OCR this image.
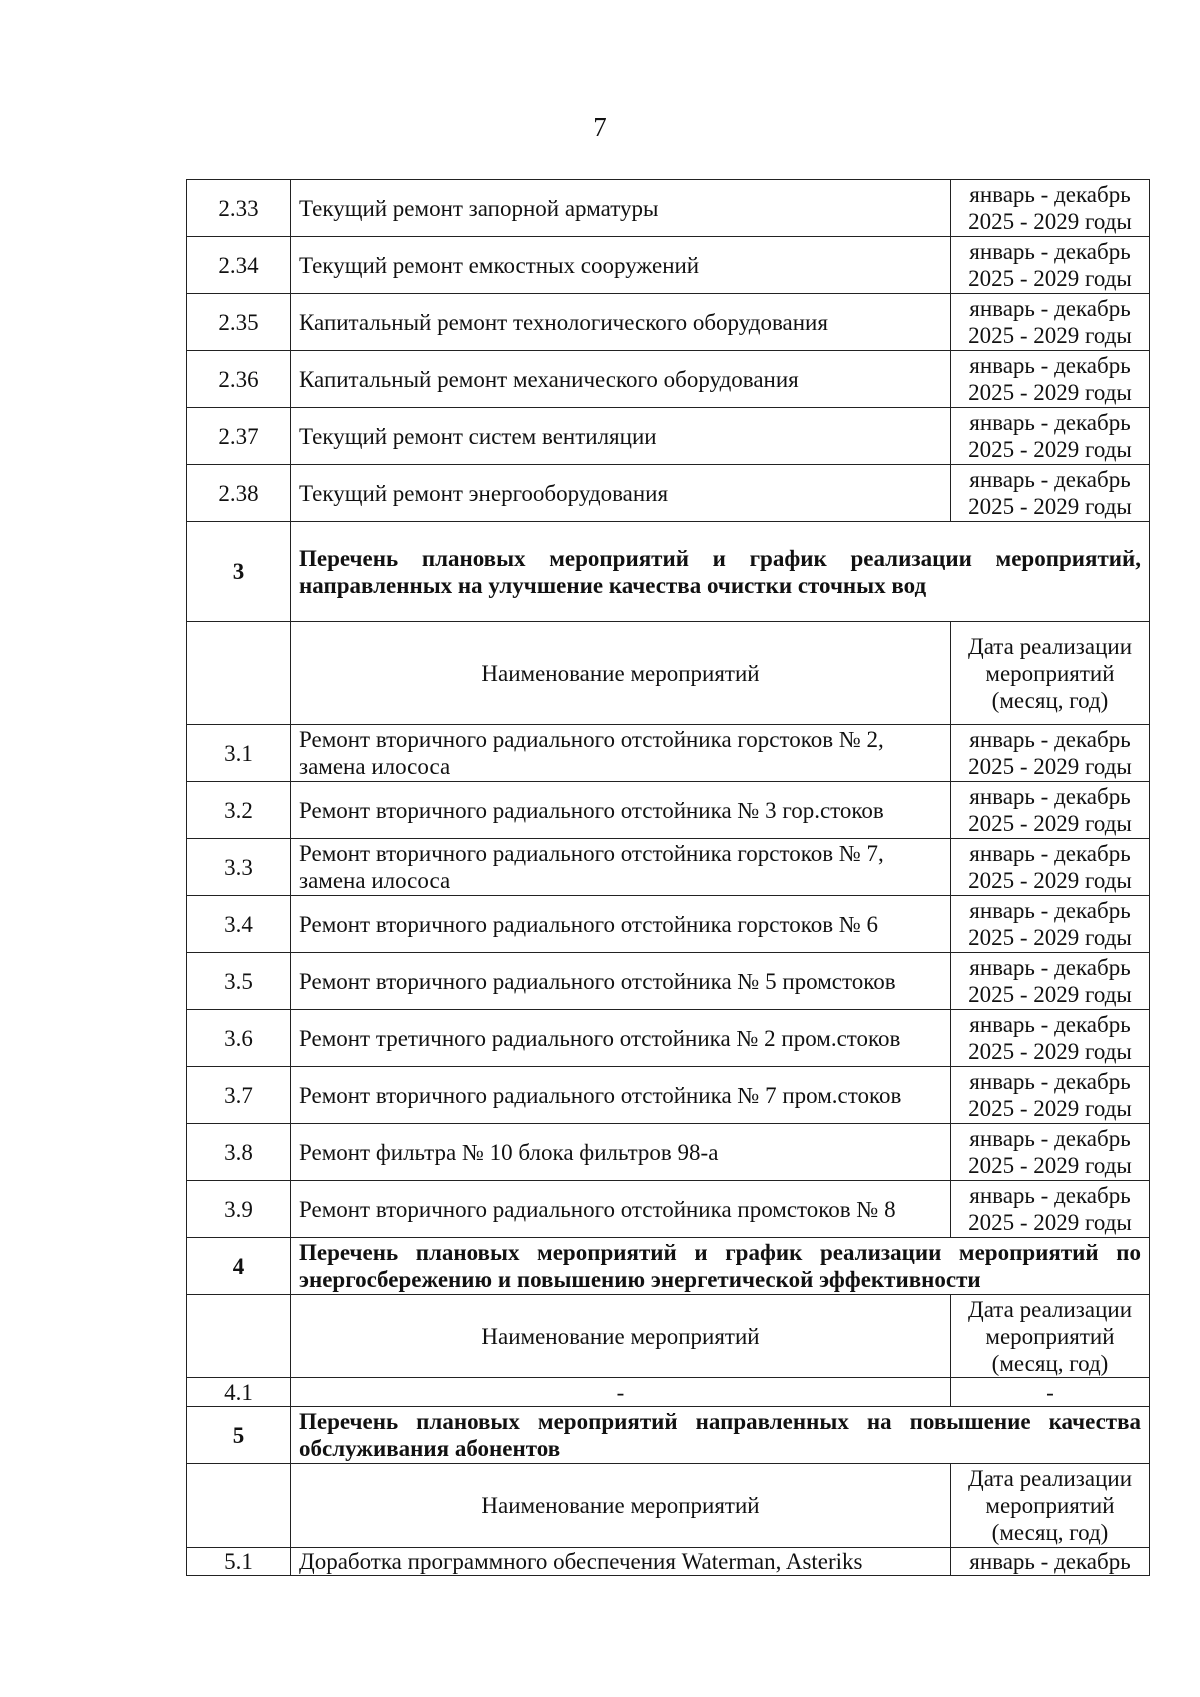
7
2.33	Текущий ремонт запорной арматуры	январь - декабрь
2025 - 2029 годы

2.34	Текущий ремонт емкостных сооружений	январь - декабрь
2025 - 2029 годы

2.35	Капитальный ремонт технологического оборудования	январь - декабрь
2025 - 2029 годы

2.36	Капитальный ремонт механического оборудования	январь - декабрь
2025 - 2029 годы

2.37	Текущий ремонт систем вентиляции	январь - декабрь
2025 - 2029 годы

2.38	Текущий ремонт энергооборудования	январь - декабрь
2025 - 2029 годы

3	Перечень плановых мероприятий и график реализации мероприятий, направленных на улучшение качества очистки сточных вод	
	Наименование мероприятий	Дата реализации мероприятий (месяц, год)
3.1	Ремонт вторичного радиального отстойника горстоков № 2, замена илососа	январь - декабрь
2025 - 2029 годы

3.2	Ремонт вторичного радиального отстойника № 3 гор.стоков	январь - декабрь
2025 - 2029 годы

3.3	Ремонт вторичного радиального отстойника горстоков № 7, замена илососа	январь - декабрь
2025 - 2029 годы

3.4	Ремонт вторичного радиального отстойника горстоков № 6	январь - декабрь
2025 - 2029 годы

3.5	Ремонт вторичного радиального отстойника № 5 промстоков	январь - декабрь
2025 - 2029 годы

3.6	Ремонт третичного радиального отстойника № 2 пром.стоков	январь - декабрь
2025 - 2029 годы

3.7	Ремонт вторичного радиального отстойника № 7 пром.стоков	январь - декабрь
2025 - 2029 годы

3.8	Ремонт фильтра № 10 блока фильтров 98-а	январь - декабрь
2025 - 2029 годы

3.9	Ремонт вторичного радиального отстойника промстоков № 8	январь - декабрь
2025 - 2029 годы

4	Перечень плановых мероприятий и график реализации мероприятий по энергосбережению и повышению энергетической эффективности	
	Наименование мероприятий	Дата реализации мероприятий (месяц, год)
4.1	-	-
5	Перечень плановых мероприятий направленных на повышение качества обслуживания абонентов	
	Наименование мероприятий	Дата реализации мероприятий (месяц, год)
5.1	Доработка программного обеспечения Waterman, Asteriks	январь - декабрь
